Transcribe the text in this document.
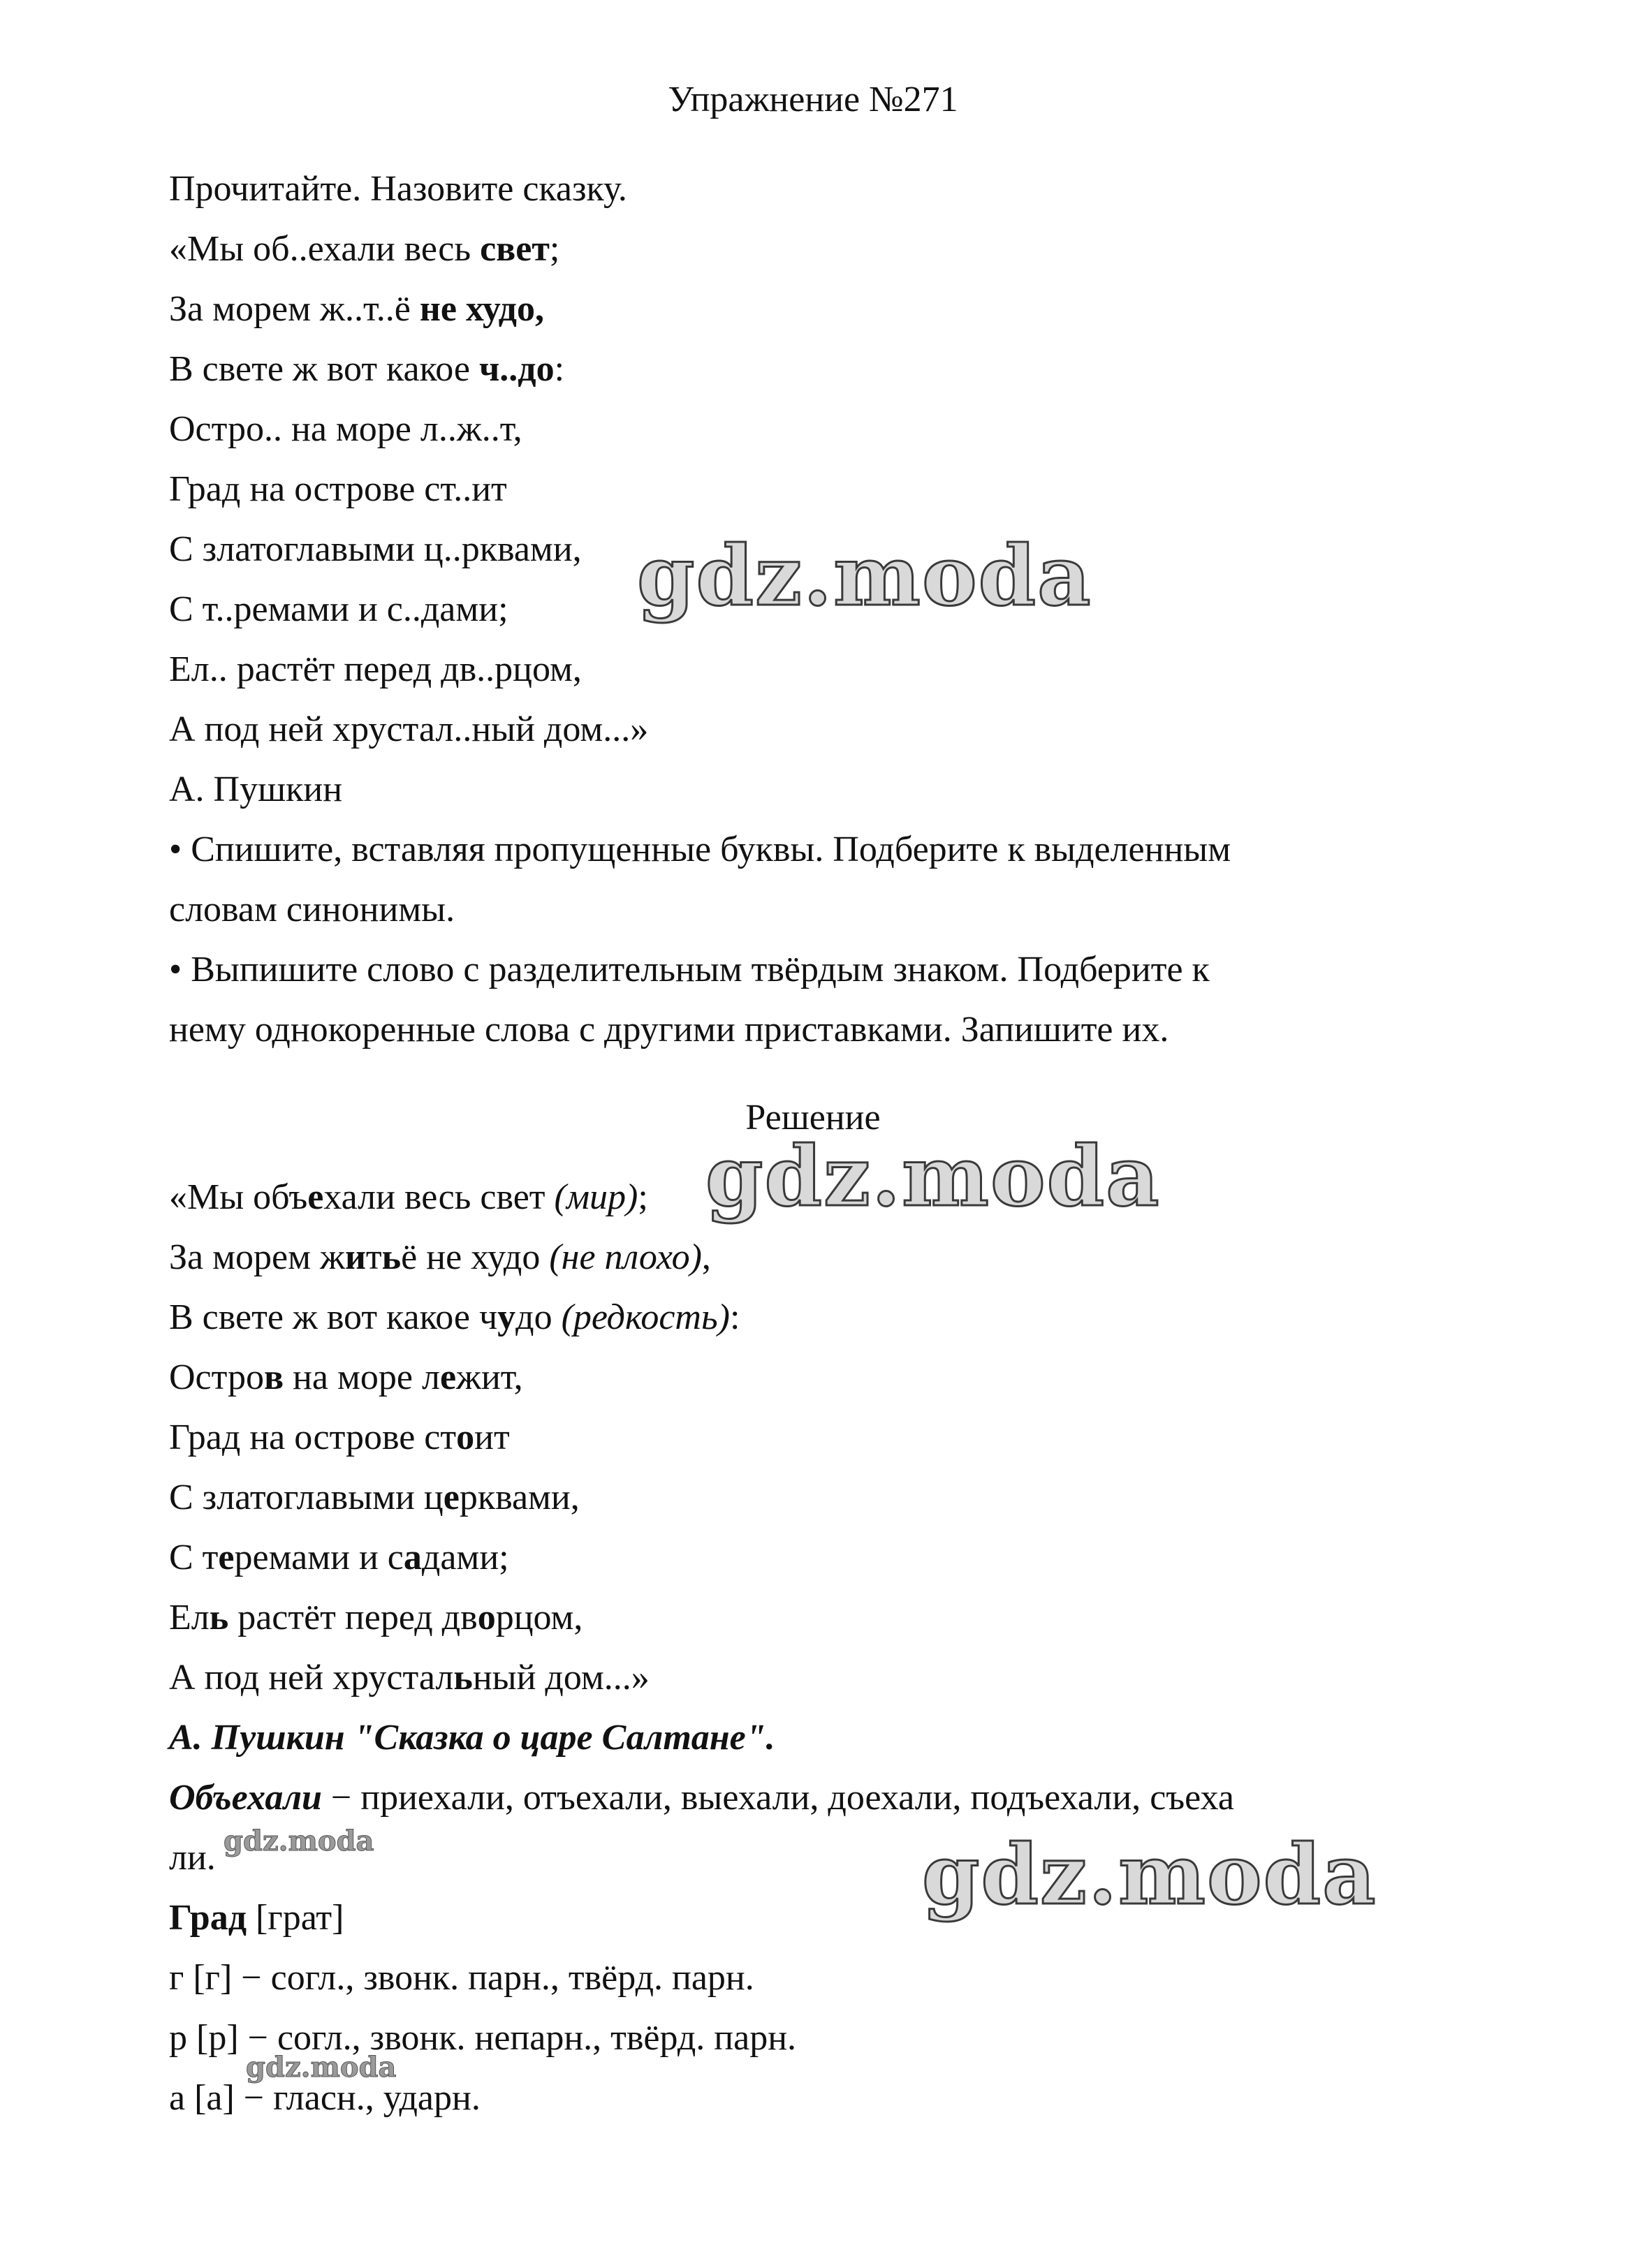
Упражнение №271
Прочитайте. Назовите сказку.
«Мы об..ехали весь свет;
За морем ж..т..ё не худо,
В свете ж вот какое ч..до:
Остро.. на море л..ж..т,
Град на острове ст..ит
С златоглавыми ц..рквами,
С т..ремами и с..дами;
Ел.. растёт перед дв..рцом,
А под ней хрустал..ный дом...»
А. Пушкин
• Спишите, вставляя пропущенные буквы. Подберите к выделенным
словам синонимы.
• Выпишите слово с разделительным твёрдым знаком. Подберите к
нему однокоренные слова с другими приставками. Запишите их.
Решение
«Мы объехали весь свет (мир);
За морем житьё не худо (не плохо),
В свете ж вот какое чудо (редкость):
Остров на море лежит,
Град на острове стоит
С златоглавыми церквами,
С теремами и садами;
Ель растёт перед дворцом,
А под ней хрустальный дом...»
А. Пушкин "Сказка о царе Салтане".
Объехали − приехали, отъехали, выехали, доехали, подъехали, съеха
ли.
Град [грат]
г [г] − согл., звонк. парн., твёрд. парн.
р [р] − согл., звонк. непарн., твёрд. парн.
а [а] − гласн., ударн.
gdz.moda
gdz.moda
gdz.moda
gdz.moda
gdz.moda
